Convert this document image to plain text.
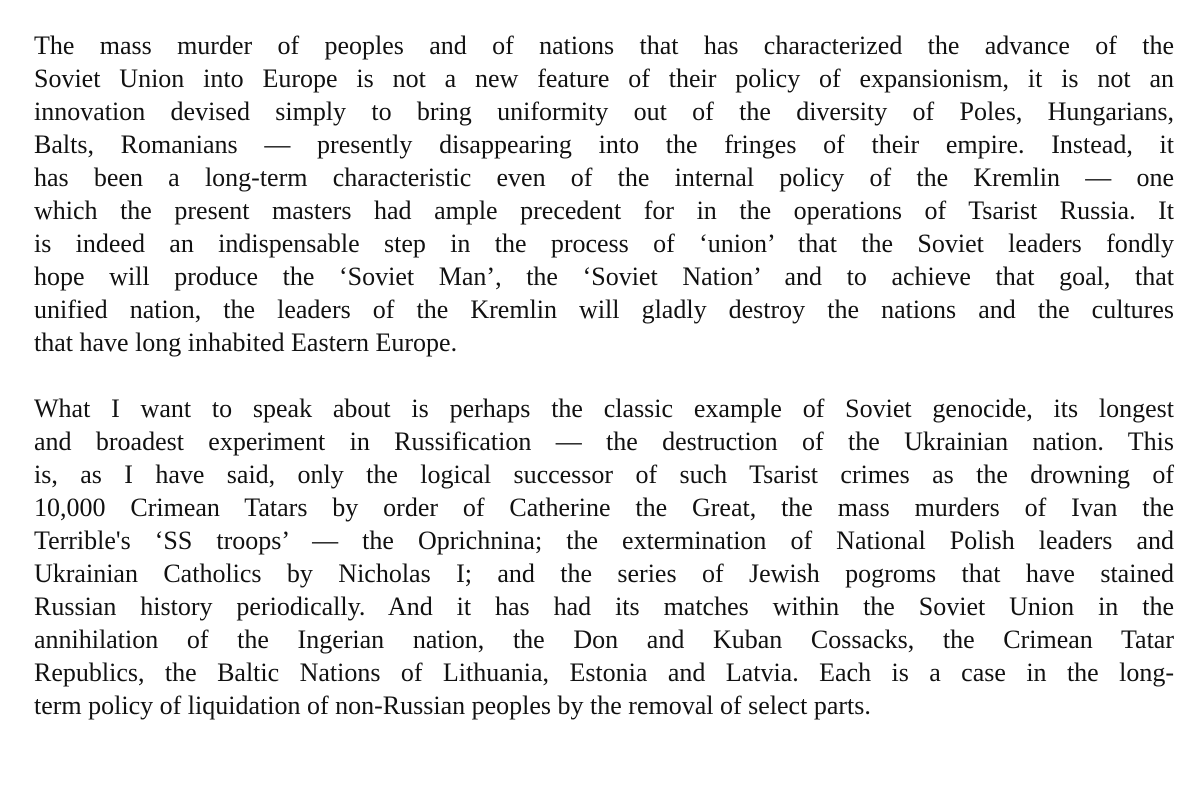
The mass murder of peoples and of nations that has characterized the advance of the
Soviet Union into Europe is not a new feature of their policy of expansionism, it is not an
innovation devised simply to bring uniformity out of the diversity of Poles, Hungarians,
Balts, Romanians — presently disappearing into the fringes of their empire. Instead, it
has been a long-term characteristic even of the internal policy of the Kremlin — one
which the present masters had ample precedent for in the operations of Tsarist Russia. It
is indeed an indispensable step in the process of ‘union’ that the Soviet leaders fondly
hope will produce the ‘Soviet Man’, the ‘Soviet Nation’ and to achieve that goal, that
unified nation, the leaders of the Kremlin will gladly destroy the nations and the cultures
that have long inhabited Eastern Europe.
What I want to speak about is perhaps the classic example of Soviet genocide, its longest
and broadest experiment in Russification — the destruction of the Ukrainian nation. This
is, as I have said, only the logical successor of such Tsarist crimes as the drowning of
10,000 Crimean Tatars by order of Catherine the Great, the mass murders of Ivan the
Terrible's ‘SS troops’ — the Oprichnina; the extermination of National Polish leaders and
Ukrainian Catholics by Nicholas I; and the series of Jewish pogroms that have stained
Russian history periodically. And it has had its matches within the Soviet Union in the
annihilation of the Ingerian nation, the Don and Kuban Cossacks, the Crimean Tatar
Republics, the Baltic Nations of Lithuania, Estonia and Latvia. Each is a case in the long-
term policy of liquidation of non-Russian peoples by the removal of select parts.
